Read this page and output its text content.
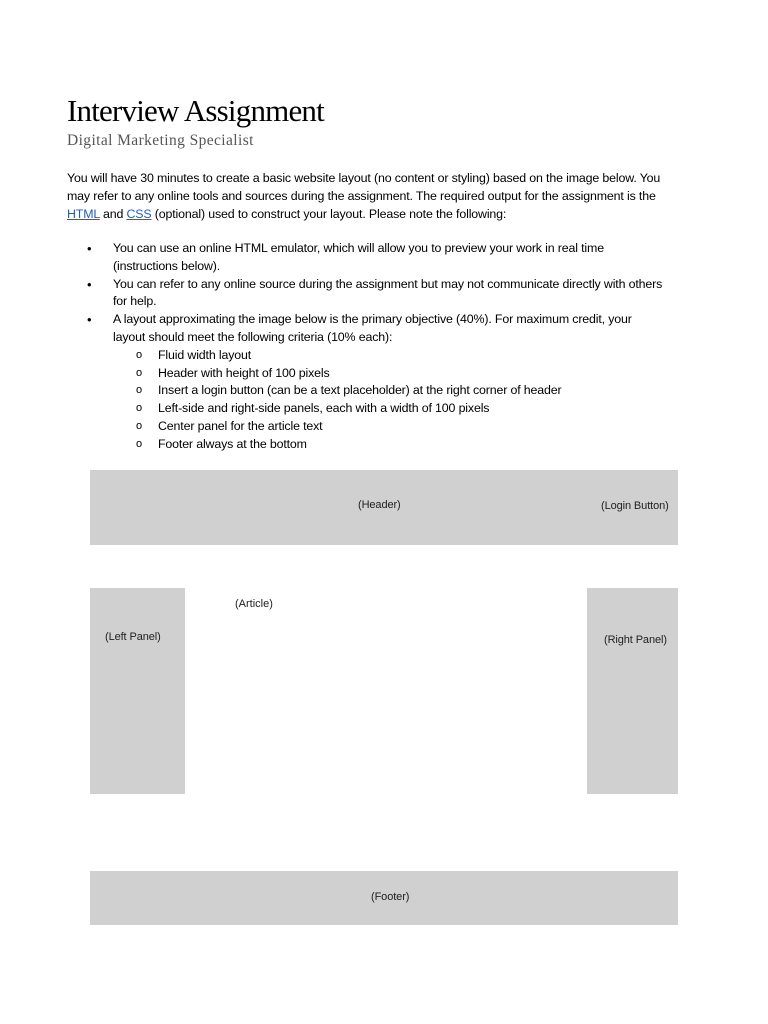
Interview Assignment
Digital Marketing Specialist
You will have 30 minutes to create a basic website layout (no content or styling) based on the image below. You
may refer to any online tools and sources during the assignment. The required output for the assignment is the
HTML and CSS (optional) used to construct your layout. Please note the following:
• You can use an online HTML emulator, which will allow you to preview your work in real time
(instructions below).
• You can refer to any online source during the assignment but may not communicate directly with others
for help.
• A layout approximating the image below is the primary objective (40%). For maximum credit, your
layout should meet the following criteria (10% each):
o Fluid width layout
o Header with height of 100 pixels
o Insert a login button (can be a text placeholder) at the right corner of header
o Left-side and right-side panels, each with a width of 100 pixels
o Center panel for the article text
o Footer always at the bottom
(Header)	(Login Button)
(Left Panel)
(Article)
(Right Panel)
(Footer)
